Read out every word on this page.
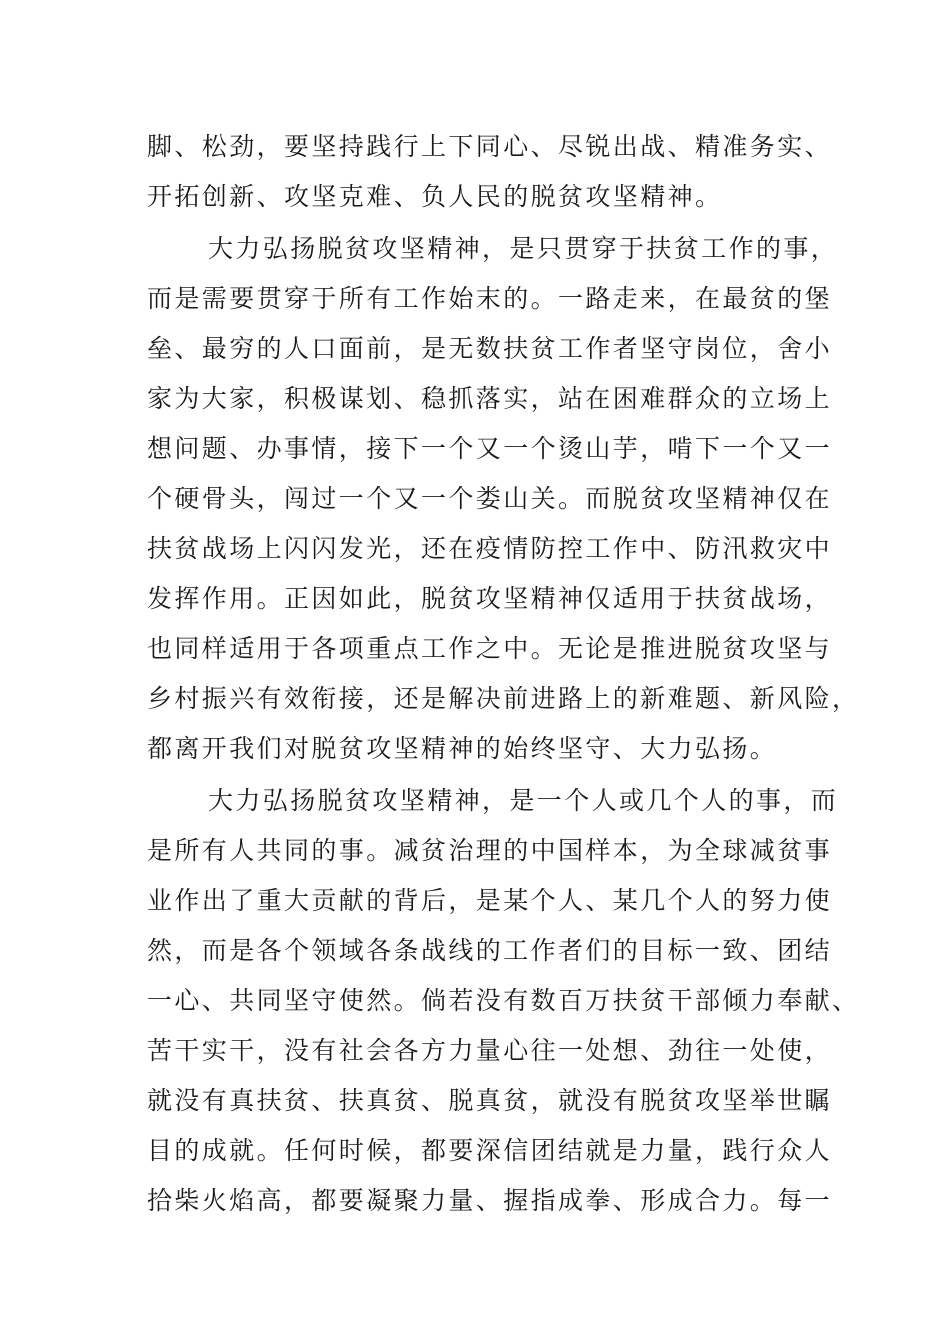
脚、松劲，要坚持践行上下同心、尽锐出战、精准务实、
开拓创新、攻坚克难、负人民的脱贫攻坚精神。
大力弘扬脱贫攻坚精神，是只贯穿于扶贫工作的事，
而是需要贯穿于所有工作始末的。一路走来，在最贫的堡
垒、最穷的人口面前，是无数扶贫工作者坚守岗位，舍小
家为大家，积极谋划、稳抓落实，站在困难群众的立场上
想问题、办事情，接下一个又一个烫山芋，啃下一个又一
个硬骨头，闯过一个又一个娄山关。而脱贫攻坚精神仅在
扶贫战场上闪闪发光，还在疫情防控工作中、防汛救灾中
发挥作用。正因如此，脱贫攻坚精神仅适用于扶贫战场，
也同样适用于各项重点工作之中。无论是推进脱贫攻坚与
乡村振兴有效衔接，还是解决前进路上的新难题、新风险，
都离开我们对脱贫攻坚精神的始终坚守、大力弘扬。
大力弘扬脱贫攻坚精神，是一个人或几个人的事，而
是所有人共同的事。减贫治理的中国样本，为全球减贫事
业作出了重大贡献的背后，是某个人、某几个人的努力使
然，而是各个领域各条战线的工作者们的目标一致、团结
一心、共同坚守使然。倘若没有数百万扶贫干部倾力奉献、
苦干实干，没有社会各方力量心往一处想、劲往一处使，
就没有真扶贫、扶真贫、脱真贫，就没有脱贫攻坚举世瞩
目的成就。任何时候，都要深信团结就是力量，践行众人
拾柴火焰高，都要凝聚力量、握指成拳、形成合力。每一
